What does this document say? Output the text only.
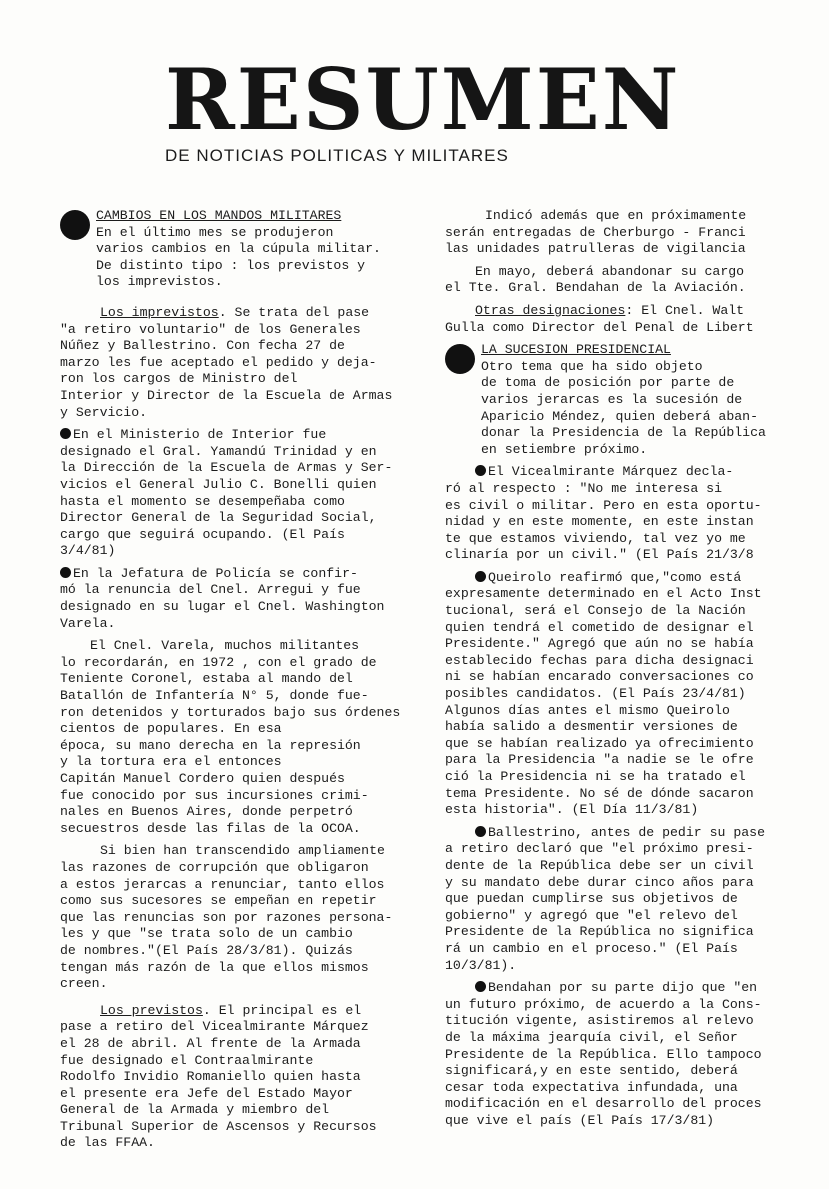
RESUMEN
DE NOTICIAS POLITICAS Y MILITARES
CAMBIOS EN LOS MANDOS MILITARES
En el último mes se produjeron
varios cambios en la cúpula militar.
De distinto tipo : los previstos y
los imprevistos.

Los imprevistos. Se trata del pase
"a retiro voluntario" de los Generales
Núñez y Ballestrino. Con fecha 27 de
marzo les fue aceptado el pedido y deja-
ron los cargos de Ministro del
Interior y Director de la Escuela de Armas
y Servicio.

En el Ministerio de Interior fue
designado el Gral. Yamandú Trinidad y en
la Dirección de la Escuela de Armas y Ser-
vicios el General Julio C. Bonelli quien
hasta el momento se desempeñaba como
Director General de la Seguridad Social,
cargo que seguirá ocupando. (El País 3/4/81)

En la Jefatura de Policía se confir-
mó la renuncia del Cnel. Arregui y fue
designado en su lugar el Cnel. Washington
Varela.

El Cnel. Varela, muchos militantes
lo recordarán, en 1972 , con el grado de
Teniente Coronel, estaba al mando del
Batallón de Infantería N° 5, donde fue-
ron detenidos y torturados bajo sus órdenes
cientos de populares. En esa
época, su mano derecha en la represión
y la tortura era el entonces
Capitán Manuel Cordero quien después
fue conocido por sus incursiones crimi-
nales en Buenos Aires, donde perpetró
secuestros desde las filas de la OCOA.

Si bien han transcendido ampliamente
las razones de corrupción que obligaron
a estos jerarcas a renunciar, tanto ellos
como sus sucesores se empeñan en repetir
que las renuncias son por razones persona-
les y que "se trata solo de un cambio
de nombres."(El País 28/3/81). Quizás
tengan más razón de la que ellos mismos
creen.

Los previstos. El principal es el
pase a retiro del Vicealmirante Márquez
el 28 de abril. Al frente de la Armada
fue designado el Contraalmirante
Rodolfo Invidio Romaniello quien hasta
el presente era Jefe del Estado Mayor
General de la Armada y miembro del
Tribunal Superior de Ascensos y Recursos
de las FFAA.

Indicó además que en próximamente
serán entregadas de Cherburgo - Franci
las unidades patrulleras de vigilancia

En mayo, deberá abandonar su cargo
el Tte. Gral. Bendahan de la Aviación.

Otras designaciones: El Cnel. Walt
Gulla como Director del Penal de Libert

LA SUCESION PRESIDENCIAL
Otro tema que ha sido objeto
de toma de posición por parte de
varios jerarcas es la sucesión de
Aparicio Méndez, quien deberá aban-
donar la Presidencia de la República
en setiembre próximo.

El Vicealmirante Márquez decla-
ró al respecto : "No me interesa si
es civil o militar. Pero en esta oportu-
nidad y en este momente, en este instan
te que estamos viviendo, tal vez yo me
clinaría por un civil." (El País 21/3/8

Queirolo reafirmó que,"como está
expresamente determinado en el Acto Inst
tucional, será el Consejo de la Nación
quien tendrá el cometido de designar el
Presidente." Agregó que aún no se había
establecido fechas para dicha designaci
ni se habían encarado conversaciones co
posibles candidatos. (El País 23/4/81)
Algunos días antes el mismo Queirolo
había salido a desmentir versiones de
que se habían realizado ya ofrecimiento
para la Presidencia "a nadie se le ofre
ció la Presidencia ni se ha tratado el
tema Presidente. No sé de dónde sacaron
esta historia". (El Día 11/3/81)

Ballestrino, antes de pedir su pase
a retiro declaró que "el próximo presi-
dente de la República debe ser un civil
y su mandato debe durar cinco años para
que puedan cumplirse sus objetivos de
gobierno" y agregó que "el relevo del
Presidente de la República no significa
rá un cambio en el proceso." (El País
10/3/81).

Bendahan por su parte dijo que "en
un futuro próximo, de acuerdo a la Cons-
titución vigente, asistiremos al relevo
de la máxima jearquía civil, el Señor
Presidente de la República. Ello tampoco
significará,y en este sentido, deberá
cesar toda expectativa infundada, una
modificación en el desarrollo del proces
que vive el país (El País 17/3/81)
